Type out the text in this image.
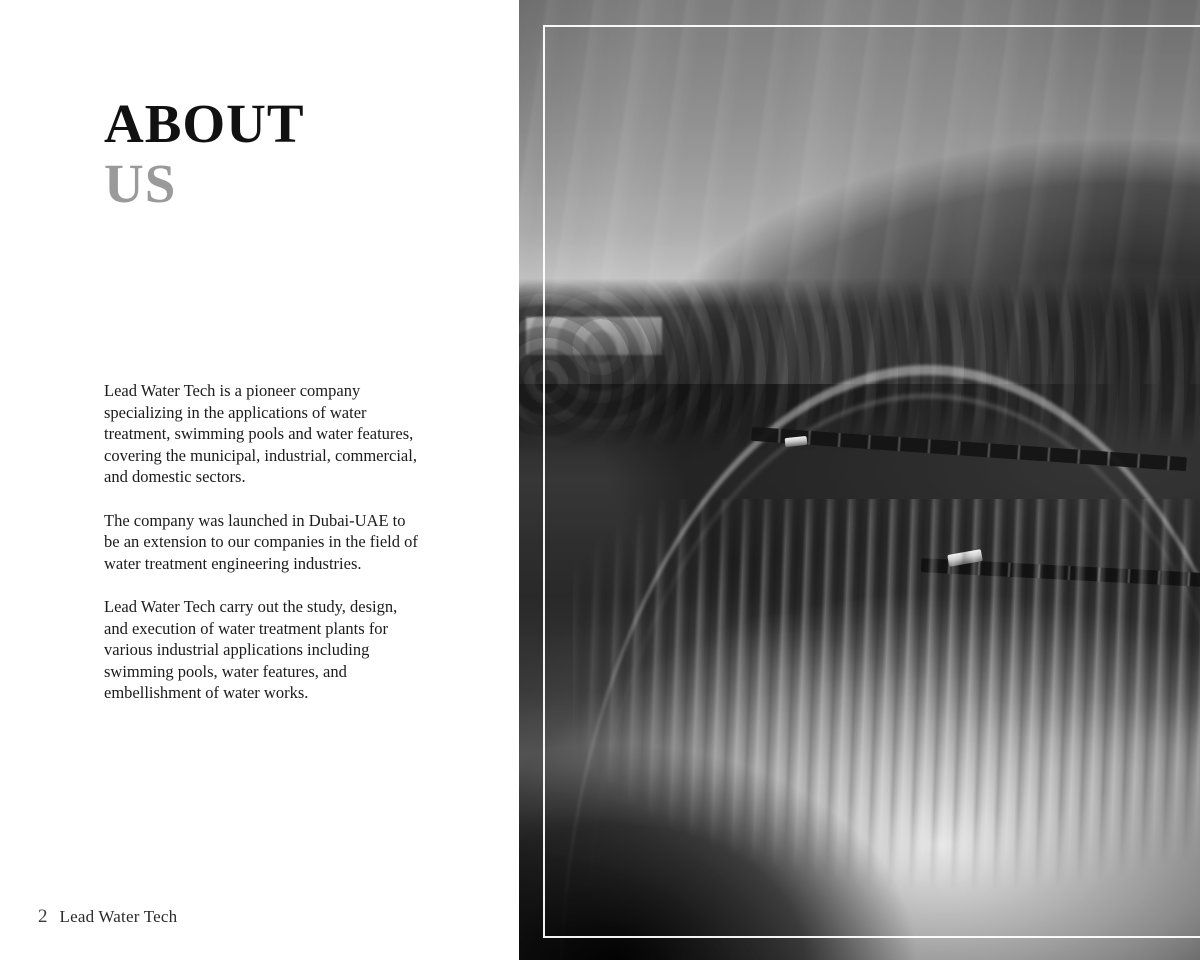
ABOUT
US

Lead Water Tech is a pioneer company specializing in the applications of water treatment, swimming pools and water features, covering the municipal, industrial, commercial, and domestic sectors.

The company was launched in Dubai-UAE to be an extension to our companies in the field of water treatment engineering industries.

Lead Water Tech carry out the study, design, and execution of water treatment plants for various industrial applications including swimming pools, water features, and embellishment of water works.

2 Lead Water Tech
